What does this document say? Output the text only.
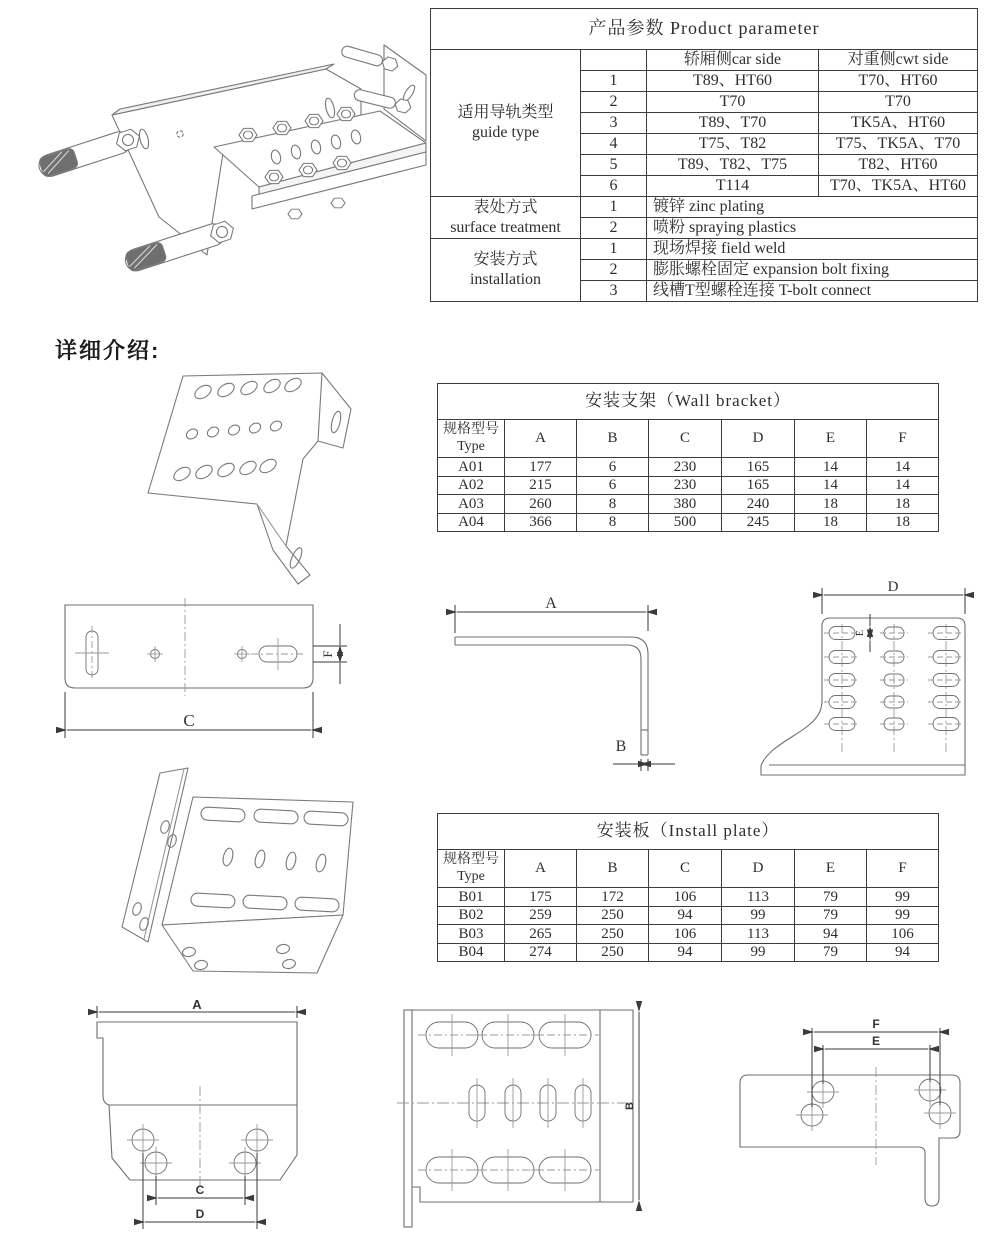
产品参数 Product parameter			
适用导轨类型
guide type		轿厢侧car side	对重侧cwt side
	1	T89、HT60	T70、HT60
	2	T70	T70
	3	T89、T70	TK5A、HT60
	4	T75、T82	T75、TK5A、T70
	5	T89、T82、T75	T82、HT60
	6	T114	T70、TK5A、HT60
表处方式
surface treatment	1	镀锌 zinc plating	
	2	喷粉 spraying plastics	
安装方式
installation	1	现场焊接 field weld	
	2	膨胀螺栓固定 expansion bolt fixing	
	3	线槽T型螺栓连接 T-bolt connect	
详细介绍:
安装支架（Wall bracket）						
规格型号
Type	A	B	C	D	E	F
A01	177	6	230	165	14	14
A02	215	6	230	165	14	14
A03	260	8	380	240	18	18
A04	366	8	500	245	18	18
F
C
A
B
D
E
安装板（Install plate）						
规格型号
Type	A	B	C	D	E	F
B01	175	172	106	113	79	99
B02	259	250	94	99	79	99
B03	265	250	106	113	94	106
B04	274	250	94	99	79	94
A
C
D
B
F
E
